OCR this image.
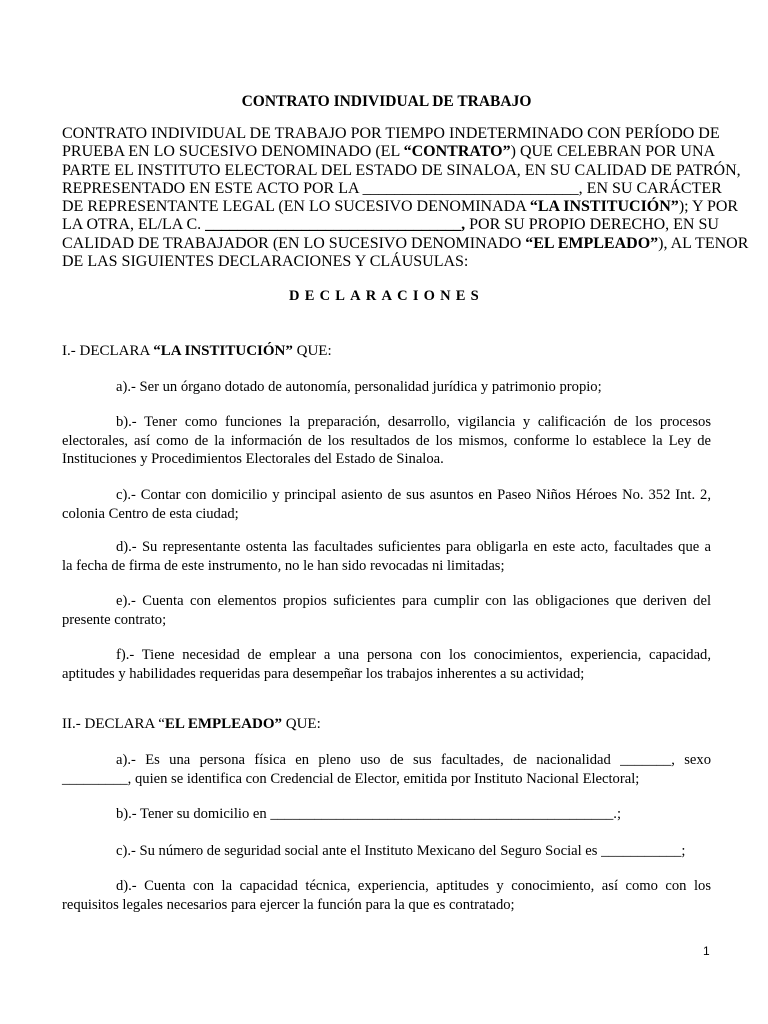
CONTRATO INDIVIDUAL DE TRABAJO

CONTRATO INDIVIDUAL DE TRABAJO POR TIEMPO INDETERMINADO CON PERÍODO DE
PRUEBA EN LO SUCESIVO DENOMINADO (EL “CONTRATO”) QUE CELEBRAN POR UNA
PARTE EL INSTITUTO ELECTORAL DEL ESTADO DE SINALOA, EN SU CALIDAD DE PATRÓN,
REPRESENTADO EN ESTE ACTO POR LA ___________________________, EN SU CARÁCTER
DE REPRESENTANTE LEGAL (EN LO SUCESIVO DENOMINADA “LA INSTITUCIÓN”); Y POR
LA OTRA, EL/LA C. ________________________________, POR SU PROPIO DERECHO, EN SU
CALIDAD DE TRABAJADOR (EN LO SUCESIVO DENOMINADO “EL EMPLEADO”), AL TENOR
DE LAS SIGUIENTES DECLARACIONES Y CLÁUSULAS:

DECLARACIONES
I.- DECLARA “LA INSTITUCIÓN” QUE:

a).- Ser un órgano dotado de autonomía, personalidad jurídica y patrimonio propio;

b).- Tener como funciones la preparación, desarrollo, vigilancia y calificación de los procesos
electorales, así como de la información de los resultados de los mismos, conforme lo establece la Ley de
Instituciones y Procedimientos Electorales del Estado de Sinaloa.

c).- Contar con domicilio y principal asiento de sus asuntos en Paseo Niños Héroes No. 352 Int. 2,
colonia Centro de esta ciudad;

d).- Su representante ostenta las facultades suficientes para obligarla en este acto, facultades que a
la fecha de firma de este instrumento, no le han sido revocadas ni limitadas;

e).- Cuenta con elementos propios suficientes para cumplir con las obligaciones que deriven del
presente contrato;

f).- Tiene necesidad de emplear a una persona con los conocimientos, experiencia, capacidad,
aptitudes y habilidades requeridas para desempeñar los trabajos inherentes a su actividad;

II.- DECLARA “EL EMPLEADO” QUE:

a).- Es una persona física en pleno uso de sus facultades, de nacionalidad _______, sexo
_________, quien se identifica con Credencial de Elector, emitida por Instituto Nacional Electoral;

b).- Tener su domicilio en _______________________________________________.;

c).- Su número de seguridad social ante el Instituto Mexicano del Seguro Social es ___________;

d).- Cuenta con la capacidad técnica, experiencia, aptitudes y conocimiento, así como con los
requisitos legales necesarios para ejercer la función para la que es contratado;

1
